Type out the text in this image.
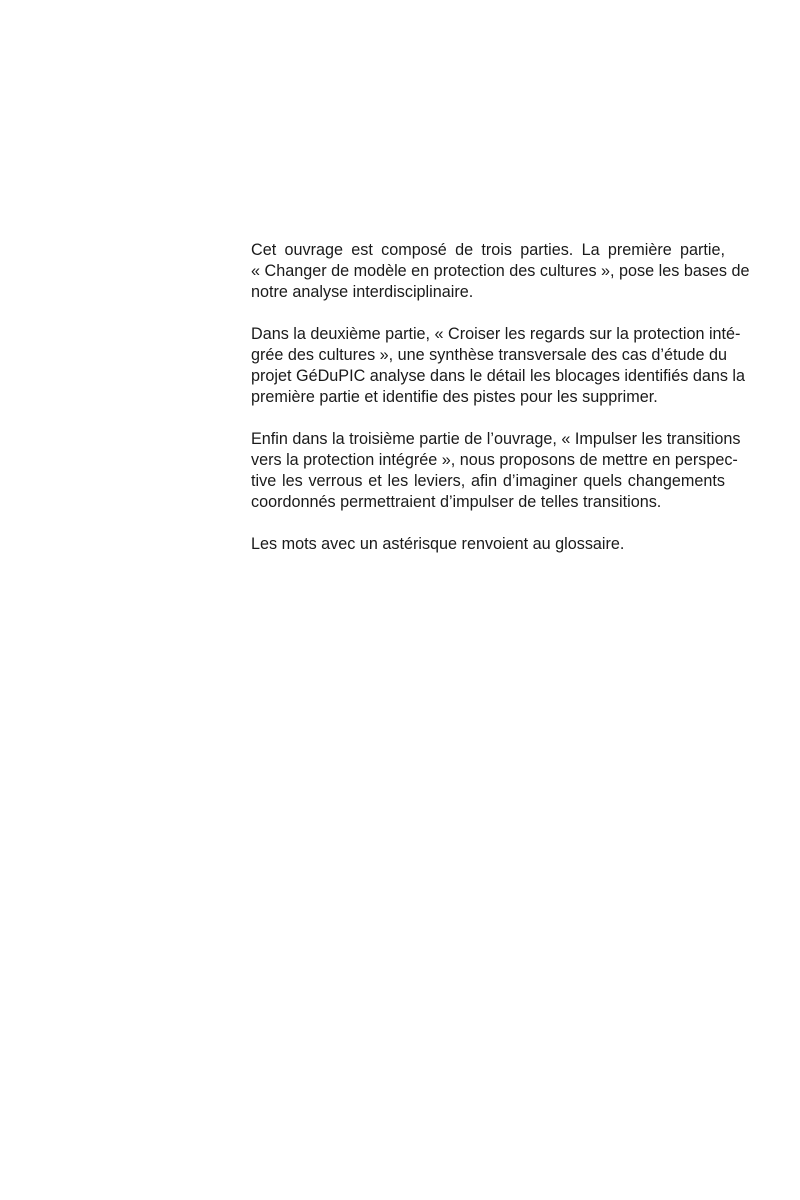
Cet ouvrage est composé de trois parties. La première partie,
« Changer de modèle en protection des cultures », pose les bases de
notre analyse interdisciplinaire.

Dans la deuxième partie, « Croiser les regards sur la protection inté-
grée des cultures », une synthèse transversale des cas d’étude du
projet GéDuPIC analyse dans le détail les blocages identifiés dans la
première partie et identifie des pistes pour les supprimer.

Enfin dans la troisième partie de l’ouvrage, « Impulser les transitions
vers la protection intégrée », nous proposons de mettre en perspec-
tive les verrous et les leviers, afin d’imaginer quels changements
coordonnés permettraient d’impulser de telles transitions.

Les mots avec un astérisque renvoient au glossaire.
